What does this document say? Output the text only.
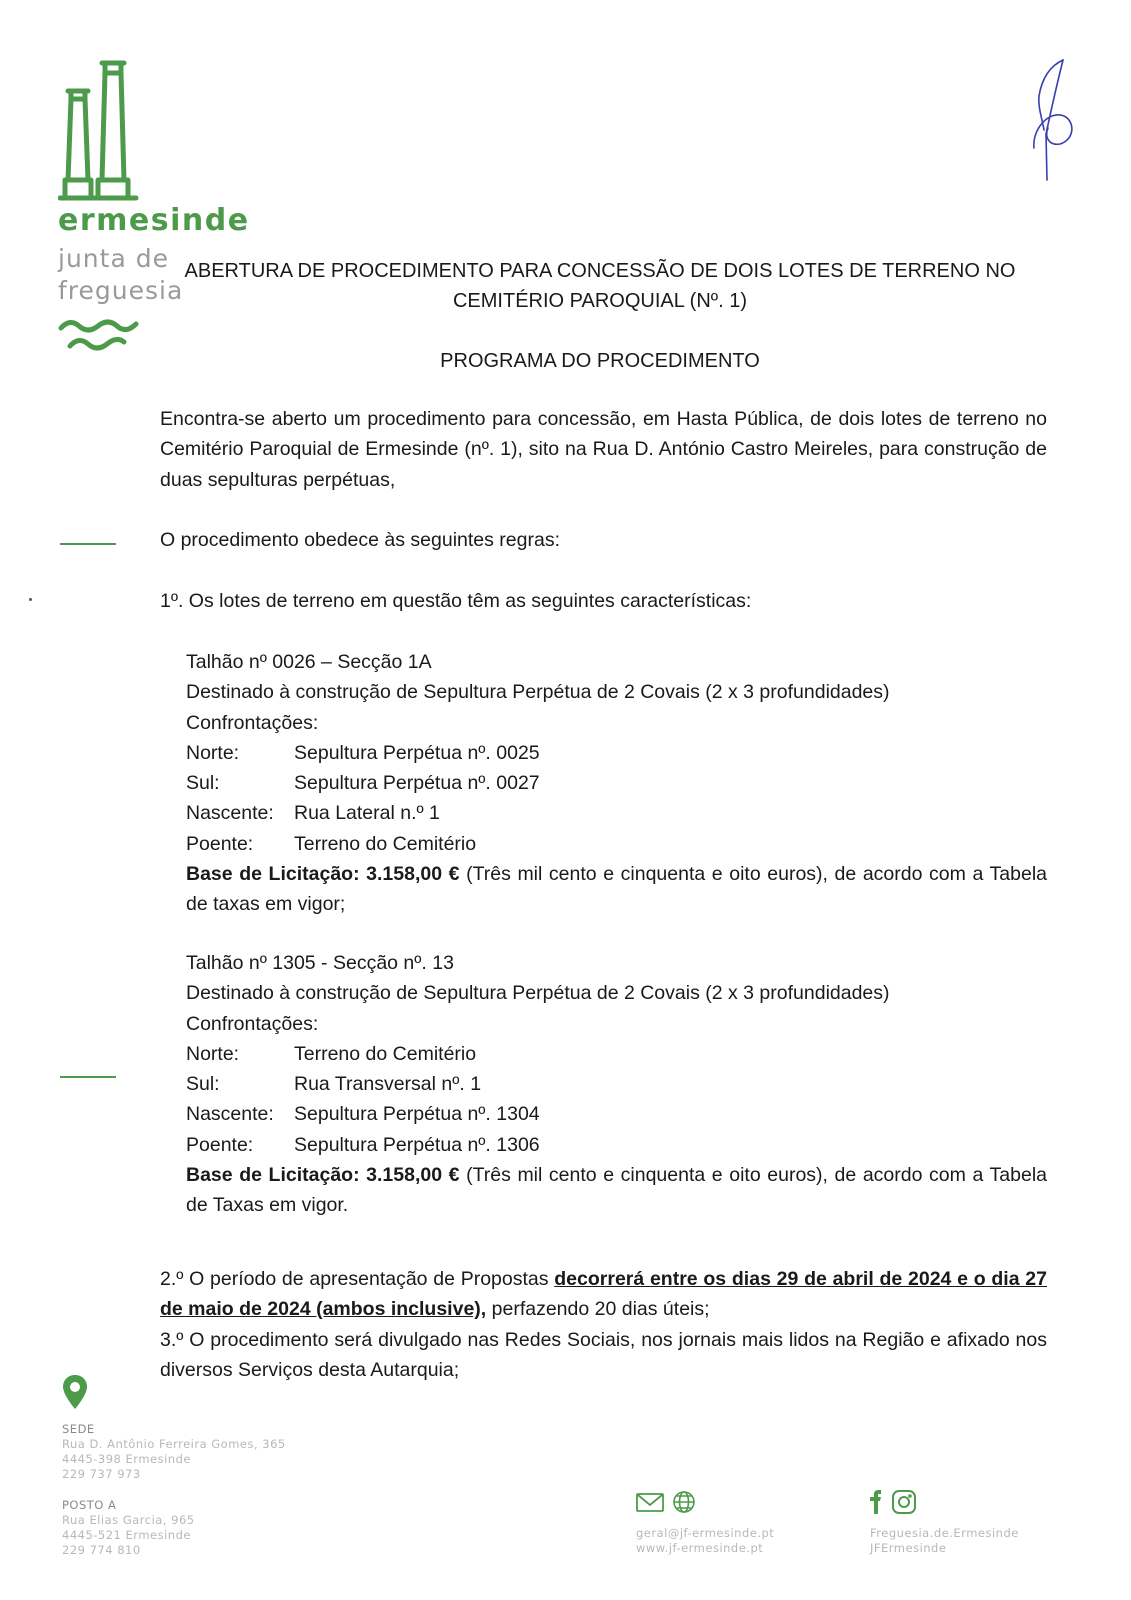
ermesinde
junta de
freguesia
ABERTURA DE PROCEDIMENTO PARA CONCESSÃO DE DOIS LOTES DE TERRENO NO
CEMITÉRIO PAROQUIAL (Nº. 1)
PROGRAMA DO PROCEDIMENTO
Encontra-se aberto um procedimento para concessão, em Hasta Pública, de dois lotes de terreno no Cemitério Paroquial de Ermesinde (nº. 1), sito na Rua D. António Castro Meireles, para construção de duas sepulturas perpétuas,
O procedimento obedece às seguintes regras:
1º. Os lotes de terreno em questão têm as seguintes características:
Talhão nº 0026 – Secção 1A
Destinado à construção de Sepultura Perpétua de 2 Covais (2 x 3 profundidades)
Confrontações:
Norte:	Sepultura Perpétua nº. 0025
Sul:	Sepultura Perpétua nº. 0027
Nascente:	Rua Lateral n.º 1
Poente:	Terreno do Cemitério
Base de Licitação: 3.158,00 € (Três mil cento e cinquenta e oito euros), de acordo com a Tabela de taxas em vigor;
Talhão nº 1305 - Secção nº. 13
Destinado à construção de Sepultura Perpétua de 2 Covais (2 x 3 profundidades)
Confrontações:
Norte:	Terreno do Cemitério
Sul:	Rua Transversal nº. 1
Nascente:	Sepultura Perpétua nº. 1304
Poente:	Sepultura Perpétua nº. 1306
Base de Licitação: 3.158,00 € (Três mil cento e cinquenta e oito euros), de acordo com a Tabela de Taxas em vigor.
2.º O período de apresentação de Propostas decorrerá entre os dias 29 de abril de 2024 e o dia 27 de maio de 2024 (ambos inclusive), perfazendo 20 dias úteis;
3.º O procedimento será divulgado nas Redes Sociais, nos jornais mais lidos na Região e afixado nos diversos Serviços desta Autarquia;
SEDE
Rua D. Antônio Ferreira Gomes, 365
4445-398 Ermesinde
229 737 973
POSTO A
Rua Elias Garcia, 965
4445-521 Ermesinde
229 774 810
geral@jf-ermesinde.pt
www.jf-ermesinde.pt
Freguesia.de.Ermesinde
JFErmesinde
